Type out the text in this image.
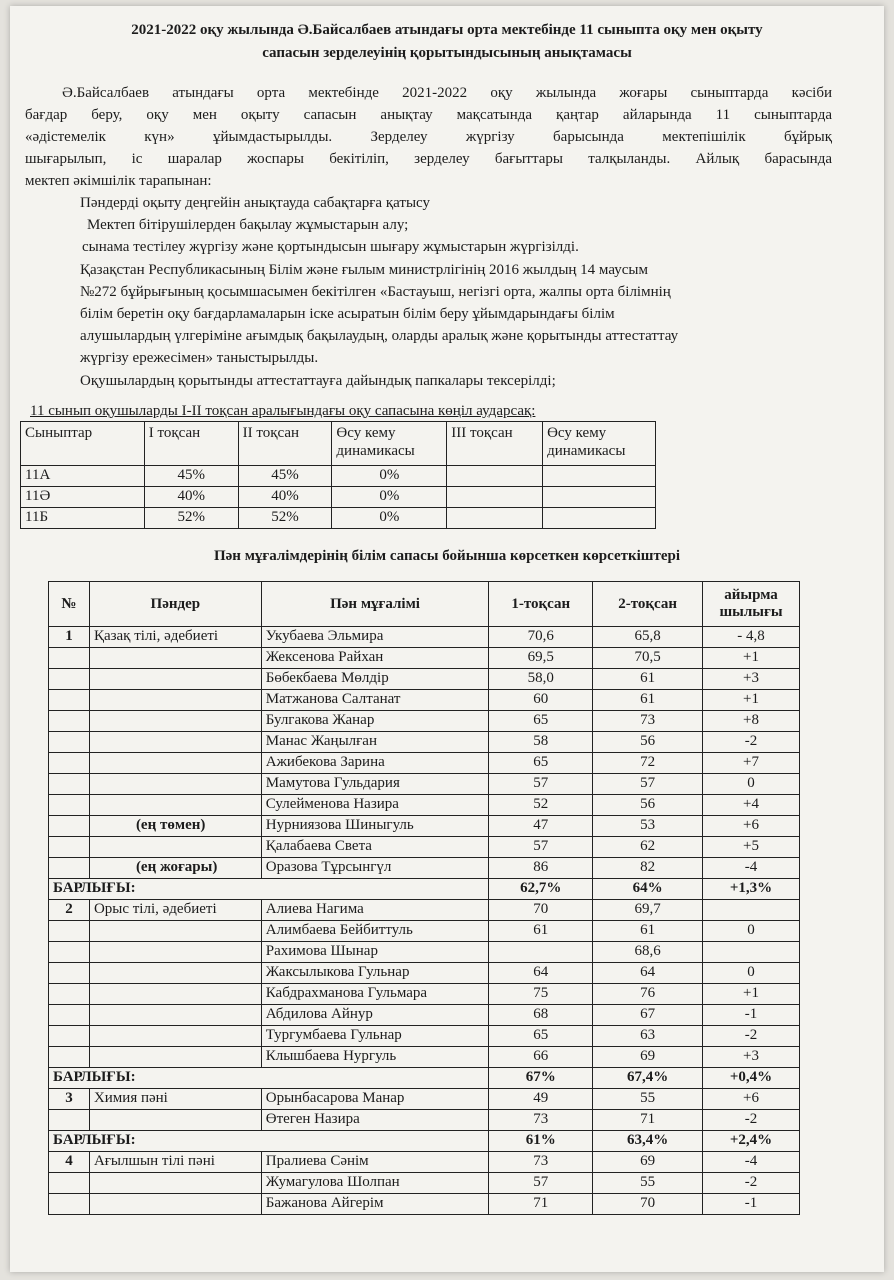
2021-2022 оқу жылында Ә.Байсалбаев атындағы орта мектебінде 11 сыныпта оқу мен оқыту
сапасын зерделеуінің қорытындысының анықтамасы
Ә.Байсалбаев атындағы орта мектебінде 2021-2022 оқу жылында жоғары сыныптарда кәсіби
бағдар беру, оқу мен оқыту сапасын анықтау мақсатында қаңтар айларында 11 сыныптарда
«әдістемелік күн» ұйымдастырылды. Зерделеу жүргізу барысында мектепішілік бұйрық
шығарылып, іс шаралар жоспары бекітіліп, зерделеу бағыттары талқыланды. Айлық барасында
мектеп әкімшілік тарапынан:
Пәндерді оқыту деңгейін анықтауда сабақтарға қатысу
Мектеп бітірушілерден бақылау жұмыстарын алу;
сынама тестілеу жүргізу және қортындысын шығару жұмыстарын жүргізілді.
Қазақстан Республикасының Білім және ғылым министрлігінің 2016 жылдың 14 маусым
№272 бұйрығының қосымшасымен бекітілген «Бастауыш, негізгі орта, жалпы орта білімнің
білім беретін оқу бағдарламаларын іске асыратын білім беру ұйымдарындағы білім
алушылардың үлгеріміне ағымдық бақылаудың, оларды аралық және қорытынды аттестаттау
жүргізу ережесімен» таныстырылды.
Оқушылардың қорытынды аттестаттауға дайындық папкалары тексерілді;
11 сынып оқушыларды І-ІІ тоқсан аралығындағы оқу сапасына көңіл аударсақ:
Сыныптар	І тоқсан	ІІ тоқсан	Өсу кему динамикасы	ІІІ тоқсан	Өсу кему динамикасы
11А	45%	45%	0%		
11Ә	40%	40%	0%		
11Б	52%	52%	0%		
Пән мұғалімдерінің білім сапасы бойынша көрсеткен көрсеткіштері
№	Пәндер	Пән мұғалімі	1-тоқсан	2-тоқсан	айырма шылығы
1	Қазақ тілі, әдебиеті	Укубаева Эльмира	70,6	65,8	- 4,8
		Жексенова Райхан	69,5	70,5	+1
		Бөбекбаева Мөлдір	58,0	61	+3
		Матжанова Салтанат	60	61	+1
		Булгакова Жанар	65	73	+8
		Манас Жаңылған	58	56	-2
		Ажибекова Зарина	65	72	+7
		Мамутова Гульдария	57	57	0
		Сулейменова Назира	52	56	+4
	(ең төмен)	Нурниязова Шиныгуль	47	53	+6
		Қалабаева Света	57	62	+5
	(ең жоғары)	Оразова Тұрсынгүл	86	82	-4
БАРЛЫҒЫ:			62,7%	64%	+1,3%
2	Орыс тілі, әдебиеті	Алиева Нагима	70	69,7	
		Алимбаева Бейбиттуль	61	61	0
		Рахимова Шынар		68,6	
		Жаксылыкова Гульнар	64	64	0
		Кабдрахманова Гульмара	75	76	+1
		Абдилова Айнур	68	67	-1
		Тургумбаева Гульнар	65	63	-2
		Клышбаева Нургуль	66	69	+3
БАРЛЫҒЫ:			67%	67,4%	+0,4%
3	Химия пәні	Орынбасарова Манар	49	55	+6
		Өтеген Назира	73	71	-2
БАРЛЫҒЫ:			61%	63,4%	+2,4%
4	Ағылшын тілі пәні	Пралиева Сәнім	73	69	-4
		Жумагулова Шолпан	57	55	-2
		Бажанова Айгерім	71	70	-1
